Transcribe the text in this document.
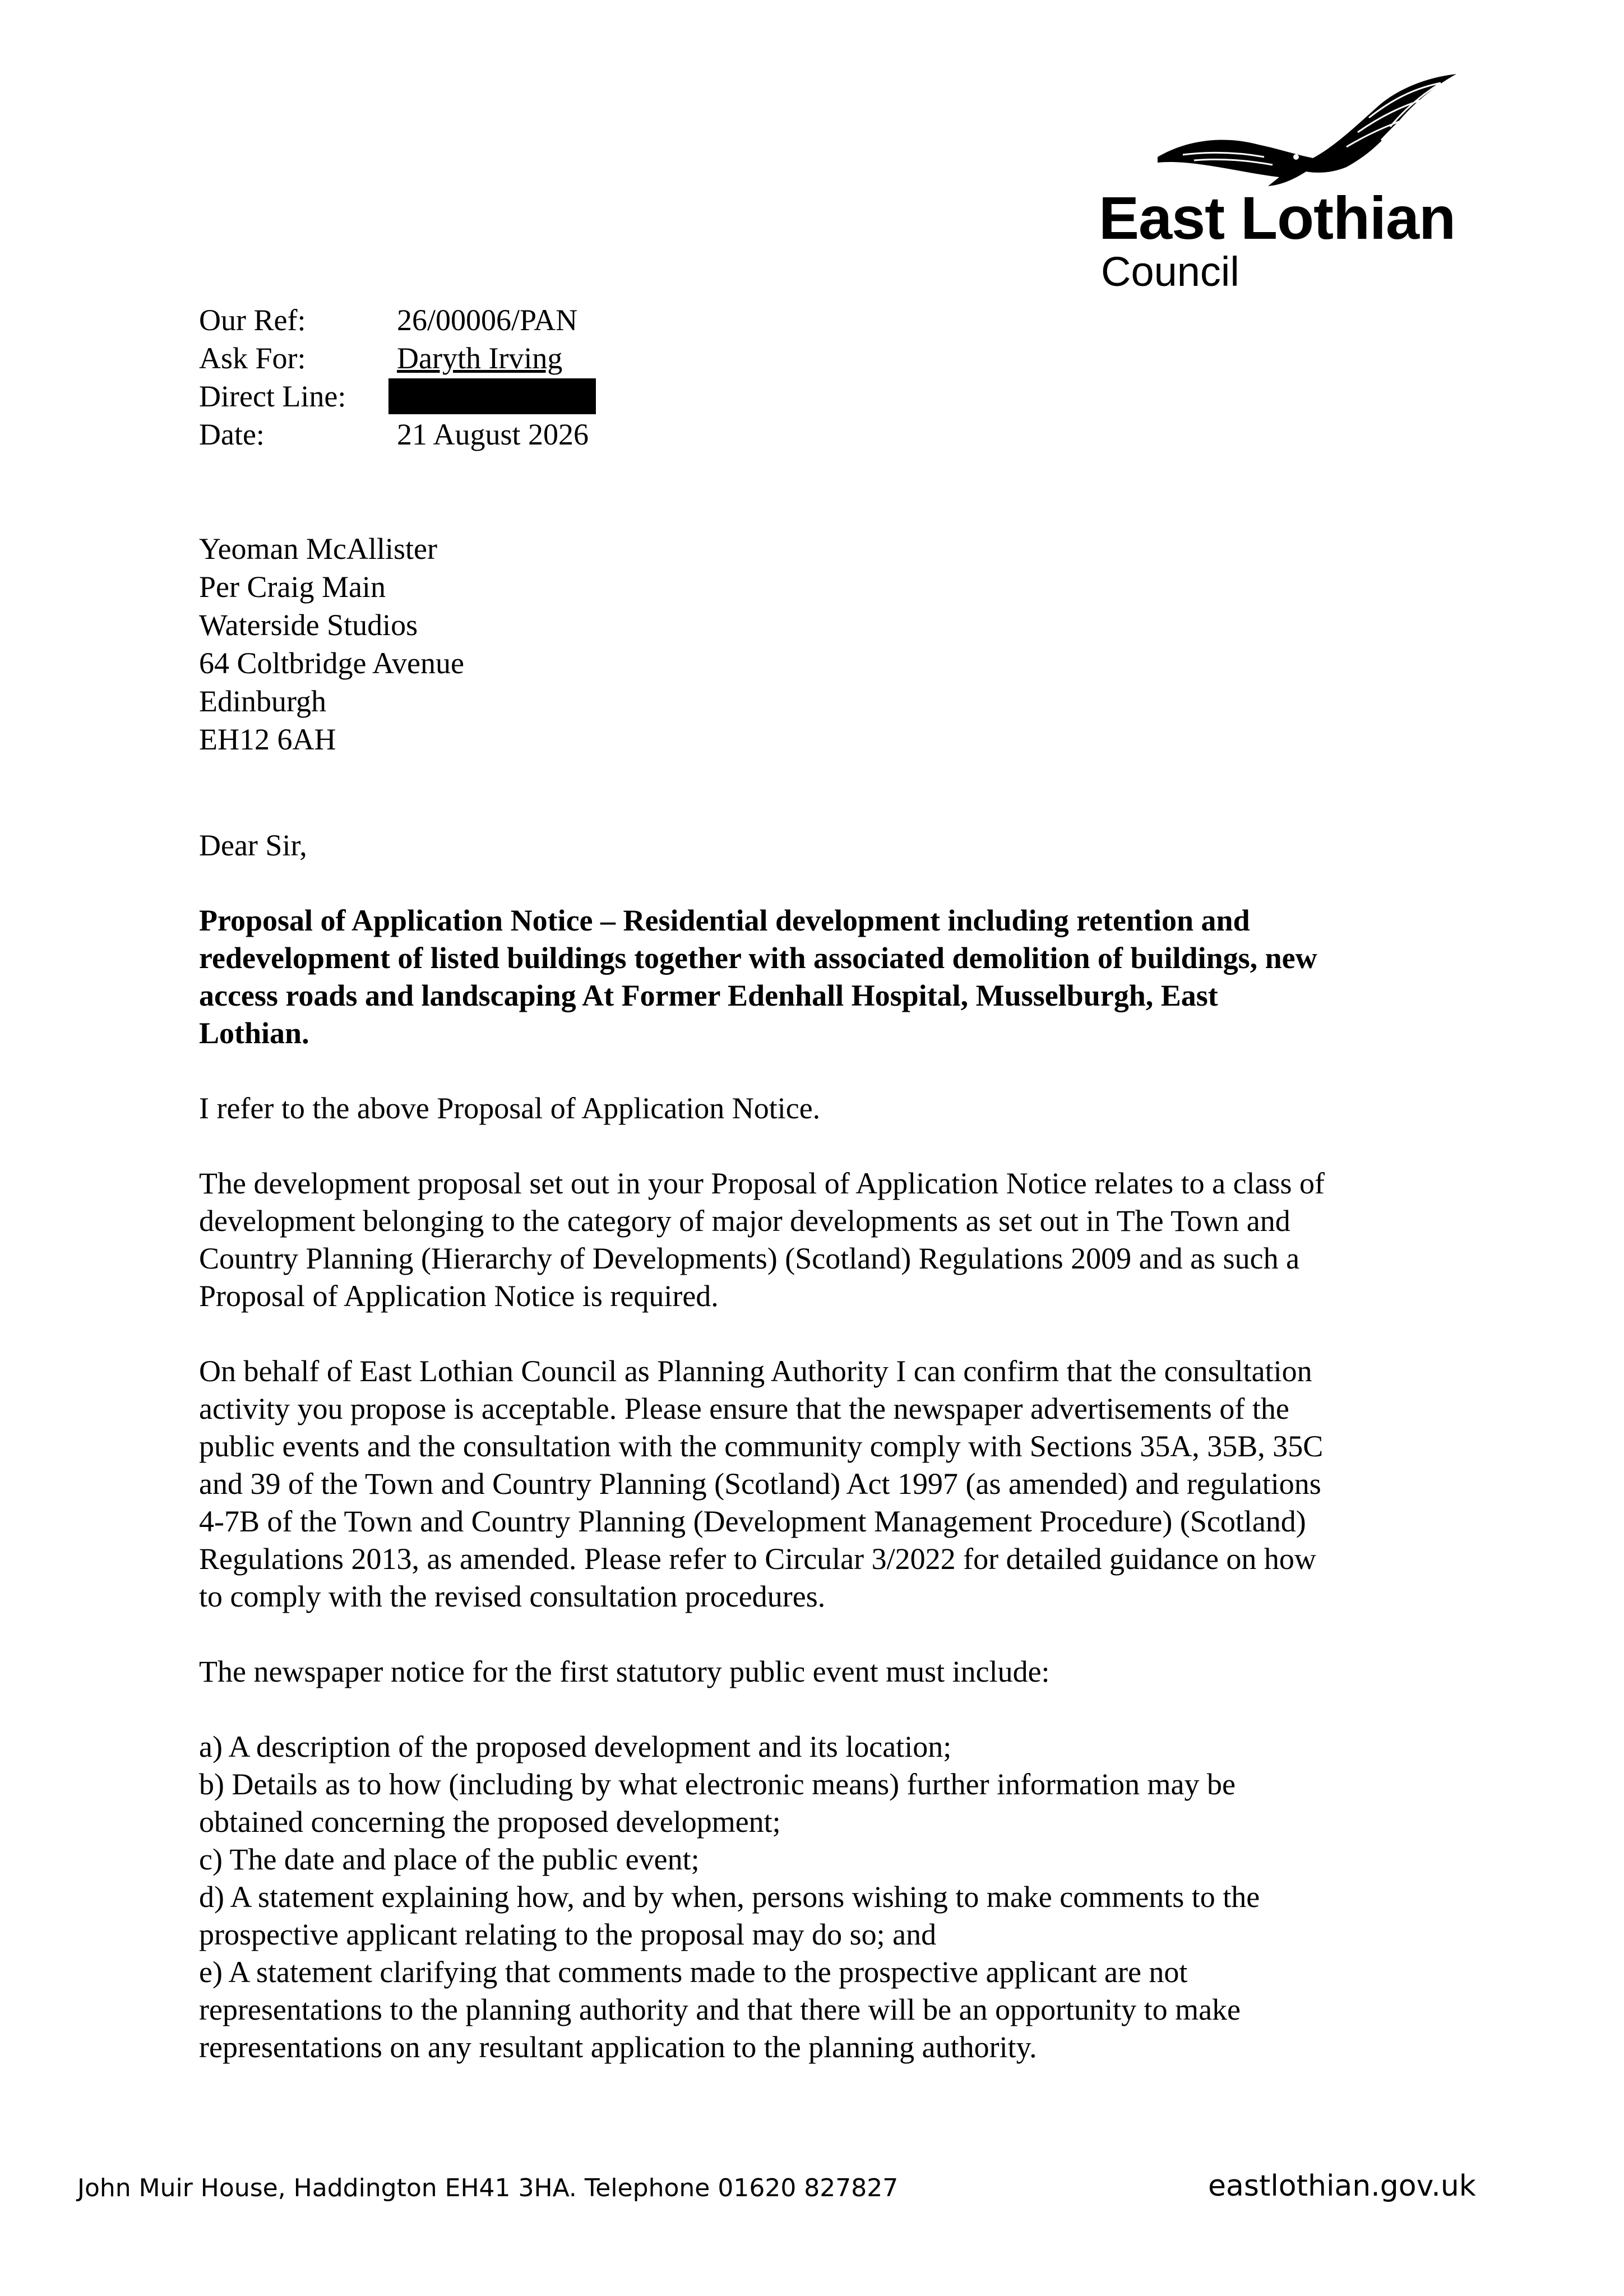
East Lothian
Council
Our Ref:	26/00006/PAN
Ask For:	Daryth Irving
Direct Line:
Date:	21 August 2026
Yeoman McAllister
Per Craig Main
Waterside Studios
64 Coltbridge Avenue
Edinburgh
EH12 6AH

Dear Sir,

Proposal of Application Notice – Residential development including retention and
redevelopment of listed buildings together with associated demolition of buildings, new
access roads and landscaping At Former Edenhall Hospital, Musselburgh, East
Lothian.

I refer to the above Proposal of Application Notice.

The development proposal set out in your Proposal of Application Notice relates to a class of
development belonging to the category of major developments as set out in The Town and
Country Planning (Hierarchy of Developments) (Scotland) Regulations 2009 and as such a
Proposal of Application Notice is required.

On behalf of East Lothian Council as Planning Authority I can confirm that the consultation
activity you propose is acceptable. Please ensure that the newspaper advertisements of the
public events and the consultation with the community comply with Sections 35A, 35B, 35C
and 39 of the Town and Country Planning (Scotland) Act 1997 (as amended) and regulations
4-7B of the Town and Country Planning (Development Management Procedure) (Scotland)
Regulations 2013, as amended. Please refer to Circular 3/2022 for detailed guidance on how
to comply with the revised consultation procedures.

The newspaper notice for the first statutory public event must include:

a) A description of the proposed development and its location;
b) Details as to how (including by what electronic means) further information may be
obtained concerning the proposed development;
c) The date and place of the public event;
d) A statement explaining how, and by when, persons wishing to make comments to the
prospective applicant relating to the proposal may do so; and
e) A statement clarifying that comments made to the prospective applicant are not
representations to the planning authority and that there will be an opportunity to make
representations on any resultant application to the planning authority.

John Muir House, Haddington EH41 3HA. Telephone 01620 827827	eastlothian.gov.uk
